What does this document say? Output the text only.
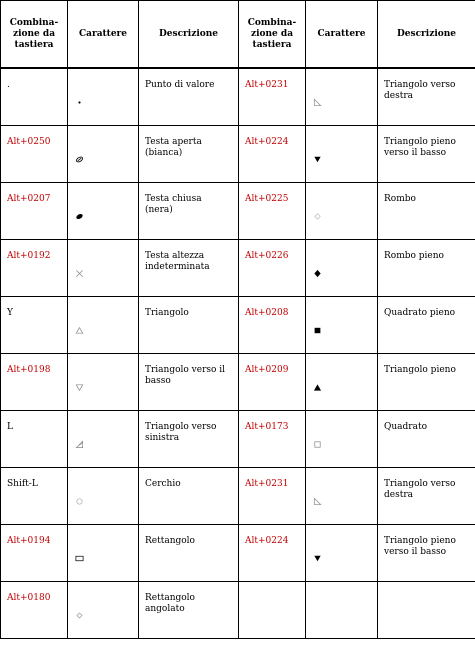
Combina-zione da tastiera	Carattere	Descrizione	Combina-zione da tastiera	Carattere	Descrizione

.		Punto di valore	Alt+0231		Triangolo verso destra

Alt+0250		Testa aperta (bianca)	Alt+0224		Triangolo pieno verso il basso

Alt+0207		Testa chiusa (nera)	Alt+0225		Rombo

Alt+0192		Testa altezza indeterminata	Alt+0226		Rombo pieno

Y		Triangolo	Alt+0208		Quadrato pieno

Alt+0198		Triangolo verso il basso	Alt+0209		Triangolo pieno

L		Triangolo verso sinistra	Alt+0173		Quadrato

Shift-L		Cerchio	Alt+0231		Triangolo verso destra

Alt+0194		Rettangolo	Alt+0224		Triangolo pieno verso il basso

Alt+0180		Rettangolo angolato			
